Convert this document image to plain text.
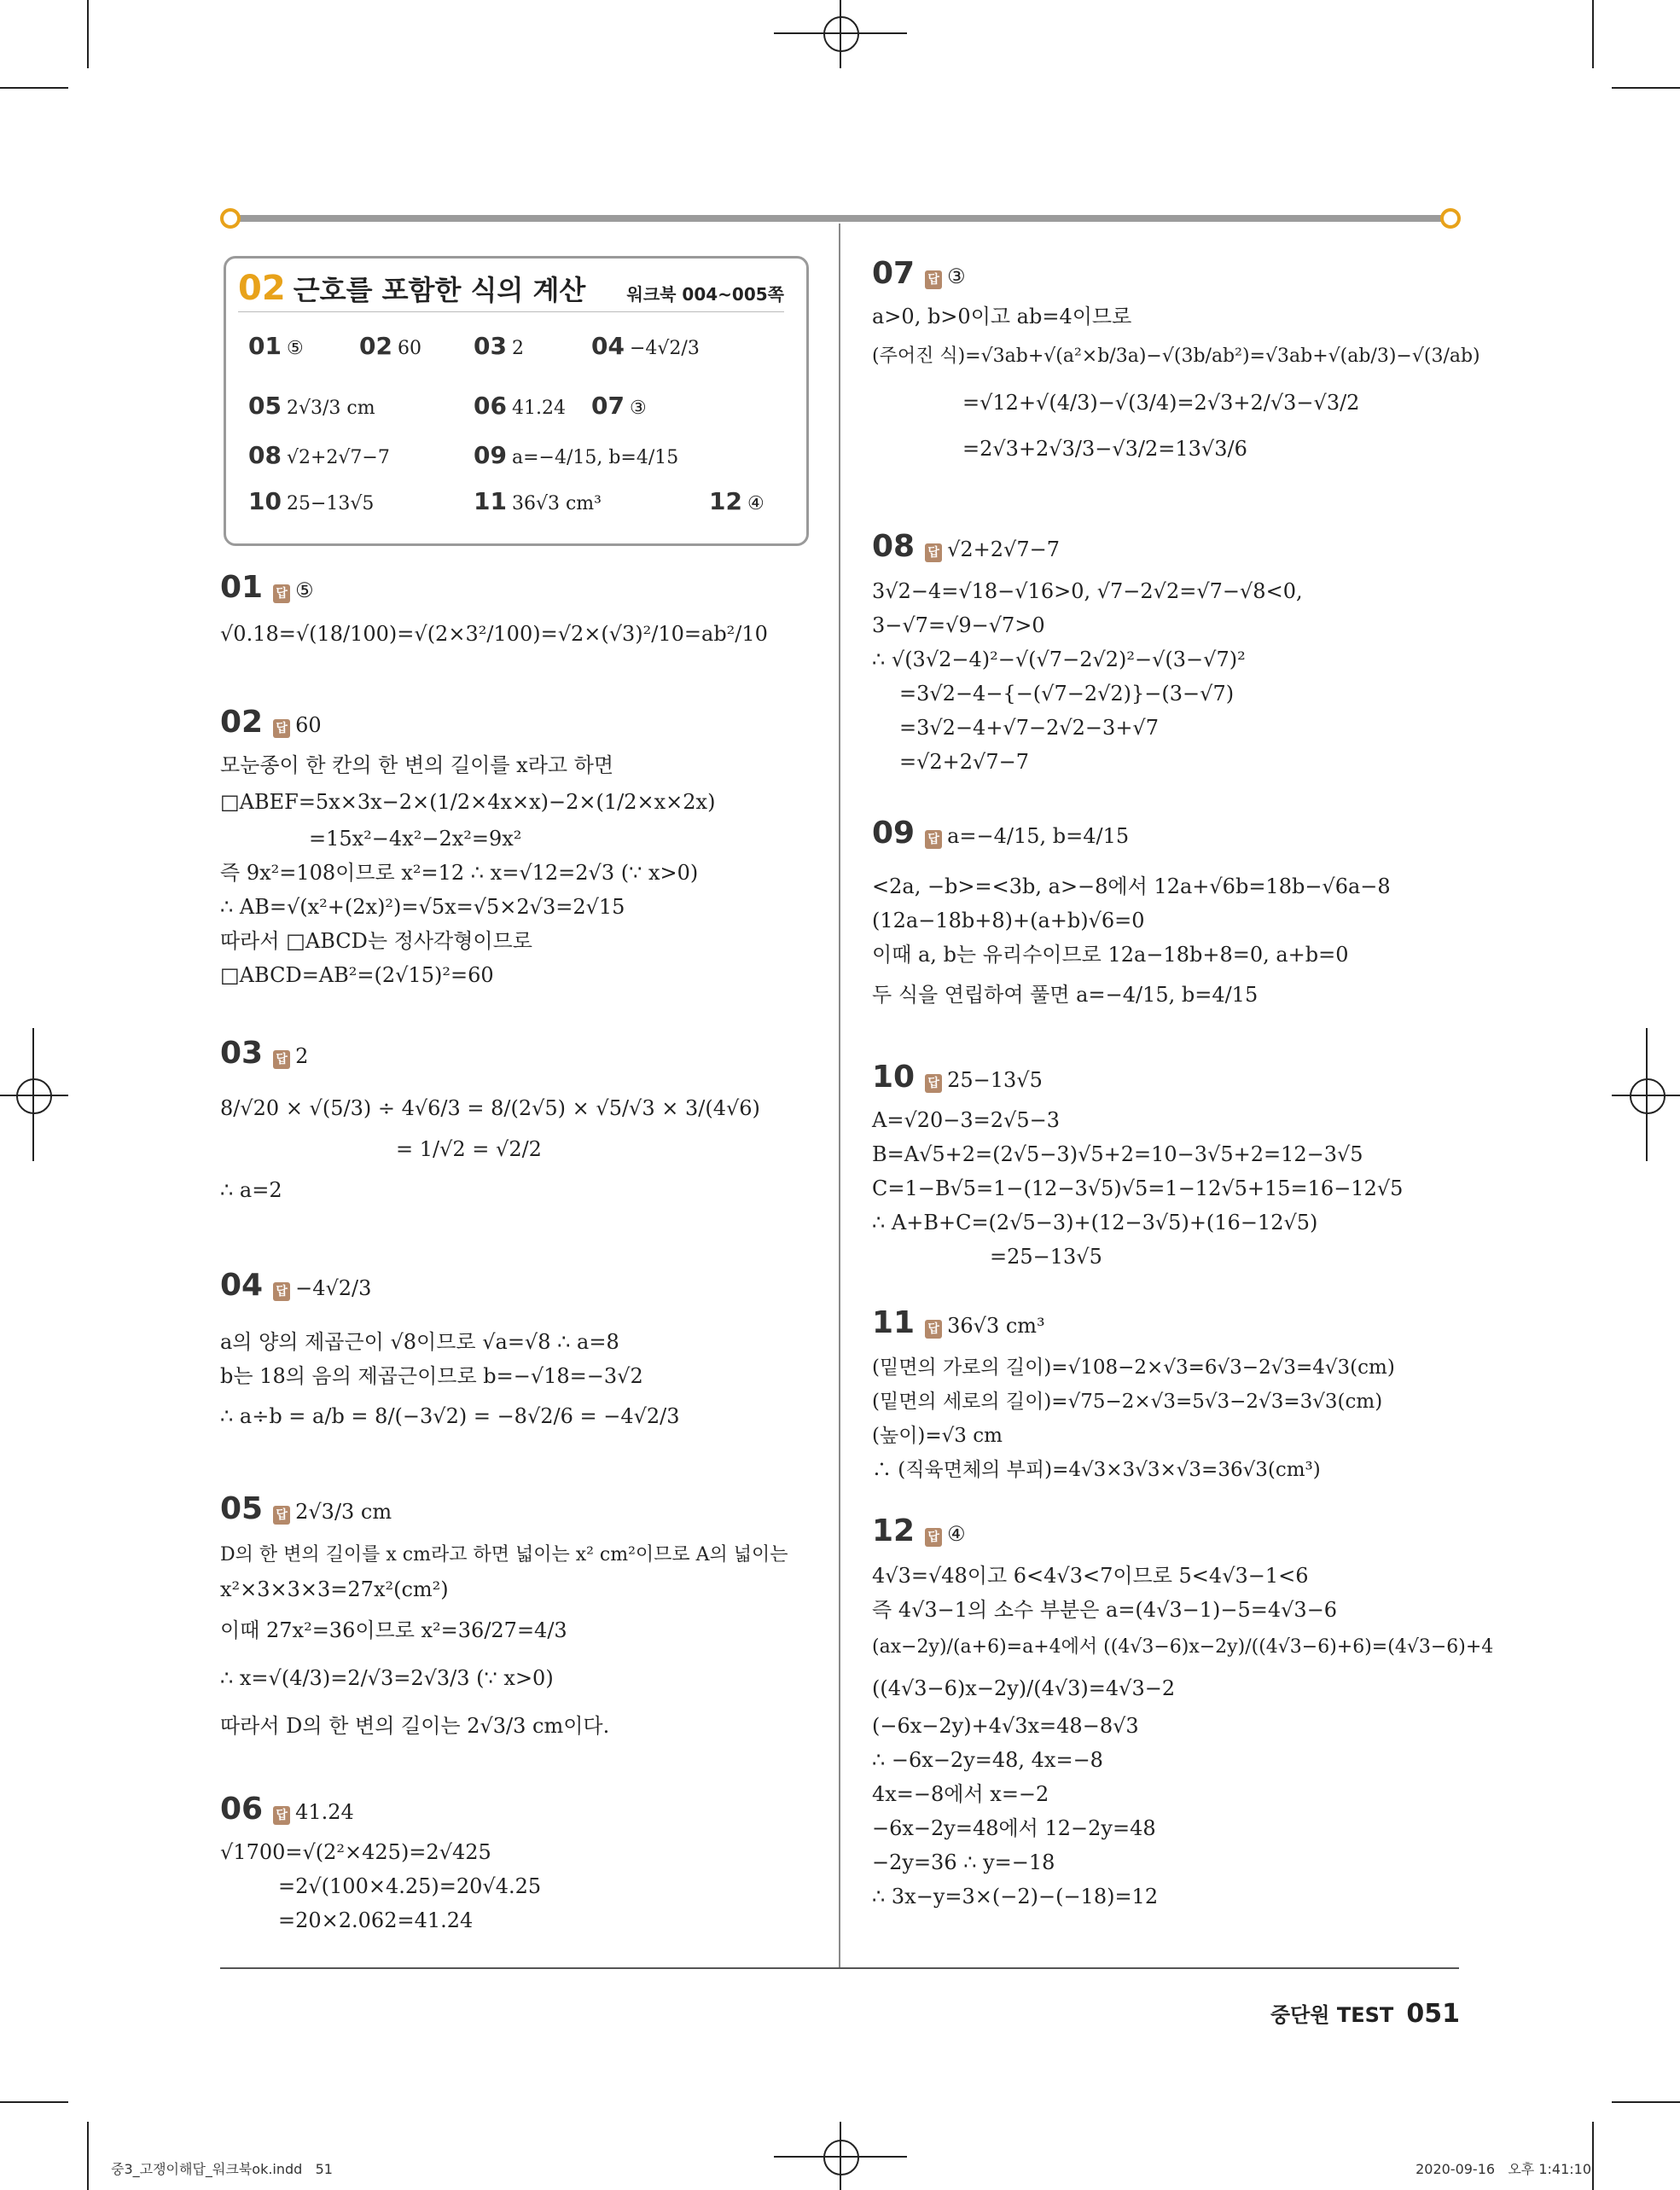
02 근호를 포함한 식의 계산 워크북 004~005쪽
01 ⑤ 02 60 03 2	04 −4√2/3
05 2√3/3 cm	06 41.24 07 ③
08 √2+2√7−7	09 a=−4/15, b=4/15
10 25−13√5	11 36√3 cm³	12 ④
01 답 ⑤
√0.18=√(18/100)=√(2×3²/100)=√2×(√3)²/10=ab²/10
02 답 60
모눈종이 한 칸의 한 변의 길이를 x라고 하면
□ABEF=5x×3x−2×(1/2×4x×x)−2×(1/2×x×2x)
=15x²−4x²−2x²=9x²
즉 9x²=108이므로 x²=12 ∴ x=√12=2√3 (∵ x>0)
∴ AB=√(x²+(2x)²)=√5x=√5×2√3=2√15
따라서 □ABCD는 정사각형이므로
□ABCD=AB²=(2√15)²=60
03 답 2
8/√20 × √(5/3) ÷ 4√6/3 = 8/(2√5) × √5/√3 × 3/(4√6)
= 1/√2 = √2/2
∴ a=2
04 답 −4√2/3
a의 양의 제곱근이 √8이므로 √a=√8 ∴ a=8
b는 18의 음의 제곱근이므로 b=−√18=−3√2
∴ a÷b = a/b = 8/(−3√2) = −8√2/6 = −4√2/3
05 답 2√3/3 cm
D의 한 변의 길이를 x cm라고 하면 넓이는 x² cm²이므로 A의 넓이는
x²×3×3×3=27x²(cm²)
이때 27x²=36이므로 x²=36/27=4/3
∴ x=√(4/3)=2/√3=2√3/3 (∵ x>0)
따라서 D의 한 변의 길이는 2√3/3 cm이다.
06 답 41.24
√1700=√(2²×425)=2√425
=2√(100×4.25)=20√4.25
=20×2.062=41.24
07 답 ③
a>0, b>0이고 ab=4이므로
(주어진 식)=√3ab+√(a²×b/3a)−√(3b/ab²)=√3ab+√(ab/3)−√(3/ab)
=√12+√(4/3)−√(3/4)=2√3+2/√3−√3/2
=2√3+2√3/3−√3/2=13√3/6
08 답 √2+2√7−7
3√2−4=√18−√16>0, √7−2√2=√7−√8<0,
3−√7=√9−√7>0
∴ √(3√2−4)²−√(√7−2√2)²−√(3−√7)²
=3√2−4−{−(√7−2√2)}−(3−√7)
=3√2−4+√7−2√2−3+√7
=√2+2√7−7
09 답 a=−4/15, b=4/15
<2a, −b>=<3b, a>−8에서 12a+√6b=18b−√6a−8
(12a−18b+8)+(a+b)√6=0
이때 a, b는 유리수이므로 12a−18b+8=0, a+b=0
두 식을 연립하여 풀면 a=−4/15, b=4/15
10 답 25−13√5
A=√20−3=2√5−3
B=A√5+2=(2√5−3)√5+2=10−3√5+2=12−3√5
C=1−B√5=1−(12−3√5)√5=1−12√5+15=16−12√5
∴ A+B+C=(2√5−3)+(12−3√5)+(16−12√5)
=25−13√5
11 답 36√3 cm³
(밑면의 가로의 길이)=√108−2×√3=6√3−2√3=4√3(cm)
(밑면의 세로의 길이)=√75−2×√3=5√3−2√3=3√3(cm)
(높이)=√3 cm
∴ (직육면체의 부피)=4√3×3√3×√3=36√3(cm³)
12 답 ④
4√3=√48이고 6<4√3<7이므로 5<4√3−1<6
즉 4√3−1의 소수 부분은 a=(4√3−1)−5=4√3−6
(ax−2y)/(a+6)=a+4에서 ((4√3−6)x−2y)/((4√3−6)+6)=(4√3−6)+4
((4√3−6)x−2y)/(4√3)=4√3−2
(−6x−2y)+4√3x=48−8√3
∴ −6x−2y=48, 4x=−8
4x=−8에서 x=−2
−6x−2y=48에서 12−2y=48
−2y=36 ∴ y=−18
∴ 3x−y=3×(−2)−(−18)=12
중단원 TEST 051
중3_고쟁이해답_워크북ok.indd   51	2020-09-16   오후 1:41:10
